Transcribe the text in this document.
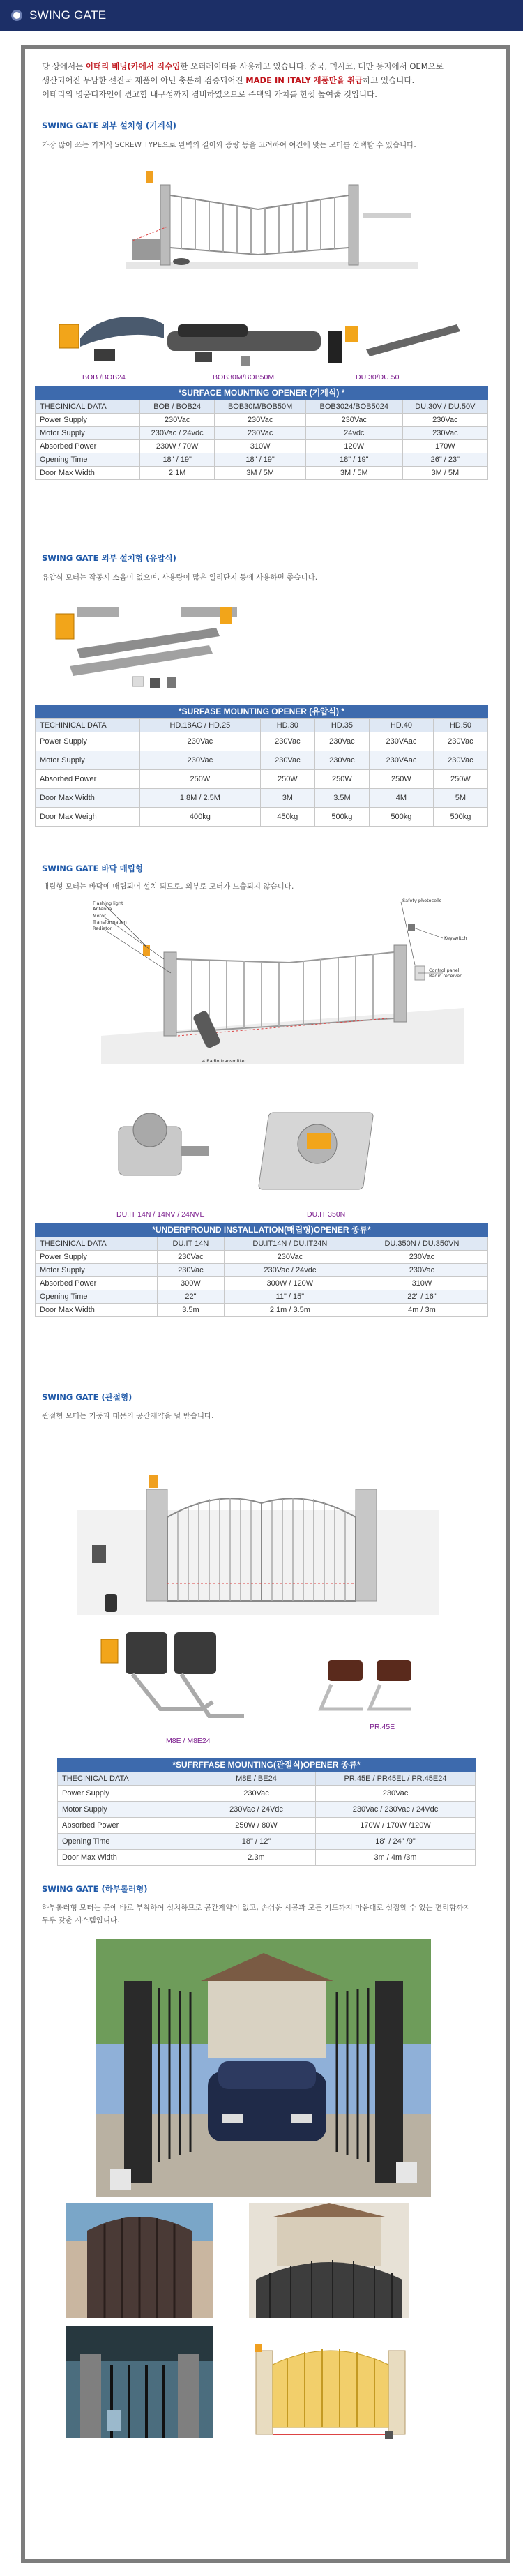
SWING GATE
당 상에서는 이태리 베닝(카에서 직수입한 오퍼레이터를 사용하고 있습니다. 중국, 멕시코, 대만 등지에서 OEM으로
생산되어진 무남한 선진국 제품이 아닌 충분히 검증되어진 MADE IN ITALY 제품만을 취급하고 있습니다.
이태리의 명품디자인에 견고함 내구성까지 겸비하였으므로 주택의 가치를 한껏 높여줄 것입니다.
SWING GATE 외부 설치형 (기계식)
가장 많이 쓰는 기계식 SCREW TYPE으로 완벽의 길이와 중량 등을 고려하여 여건에 맞는 모터를 선택할 수 있습니다.
BOB /BOB24	BOB30M/BOB50M	DU.30/DU.50
*SURFACE MOUNTING OPENER (기계식) *
THECINICAL DATA	BOB / BOB24	BOB30M/BOB50M	BOB3024/BOB5024	DU.30V / DU.50V
Power Supply	230Vac	230Vac	230Vac	230Vac
Motor Supply	230Vac / 24vdc	230Vac	24vdc	230Vac
Absorbed Power	230W / 70W	310W	120W	170W
Opening Time	18" / 19"	18" / 19"	18" / 19"	26" / 23"
Door Max Width	2.1M	3M / 5M	3M / 5M	3M / 5M
SWING GATE 외부 설치형 (유압식)
유압식 모터는 작동시 소음이 없으며, 사용량이 많은 일리단지 등에 사용하면 좋습니다.
*SURFASE MOUNTING OPENER (유압식) *
TECHINICAL DATA	HD.18AC / HD.25	HD.30	HD.35	HD.40	HD.50
Power Supply	230Vac	230Vac	230Vac	230VAac	230Vac
Motor Supply	230Vac	230Vac	230Vac	230VAac	230Vac
Absorbed Power	250W	250W	250W	250W	250W
Door Max Width	1.8M / 2.5M	3M	3.5M	4M	5M
Door Max Weigh	400kg	450kg	500kg	500kg	500kg
SWING GATE 바닥 매립형
매립형 모터는 바닥에 매립되어 설치 되므로, 외부로 모터가 노출되지 않습니다.
Flashing light
Antenna
Motor
Transformation
Radiator
Safety photocells
Keyswitch
Control panel
Radio receiver
4 Radio transmitter
DU.IT 14N / 14NV / 24NVE	DU.IT 350N
*UNDERPROUND INSTALLATION(매립형)OPENER 종류*
THECINICAL DATA	DU.IT 14N	DU.IT14N / DU.IT24N	DU.350N / DU.350VN
Power Supply	230Vac	230Vac	230Vac
Motor Supply	230Vac	230Vac / 24vdc	230Vac
Absorbed Power	300W	300W / 120W	310W
Opening Time	22"	11" / 15"	22" / 16"
Door Max Width	3.5m	2.1m / 3.5m	4m / 3m
SWING GATE (관절형)
관절형 모터는 기둥과 대문의 공간제약을 덜 받습니다.
M8E / M8E24
PR.45E
*SUFRFFASE MOUNTING(관절식)OPENER 종류*
THECINICAL DATA	M8E / BE24	PR.45E / PR45EL / PR.45E24
Power Supply	230Vac	230Vac
Motor Supply	230Vac / 24Vdc	230Vac / 230Vac / 24Vdc
Absorbed Power	250W / 80W	170W / 170W /120W
Opening Time	18" / 12"	18" / 24" /9"
Door Max Width	2.3m	3m / 4m /3m
SWING GATE (하부롤러형)
하부롤러형 모터는 문에 바로 부착하여 설치하므로 공간제약이 없고, 손쉬운 시공과 모든 기도까지 마음대로 설정할 수 있는 편리함까지
두루 갖춘 시스템입니다.
